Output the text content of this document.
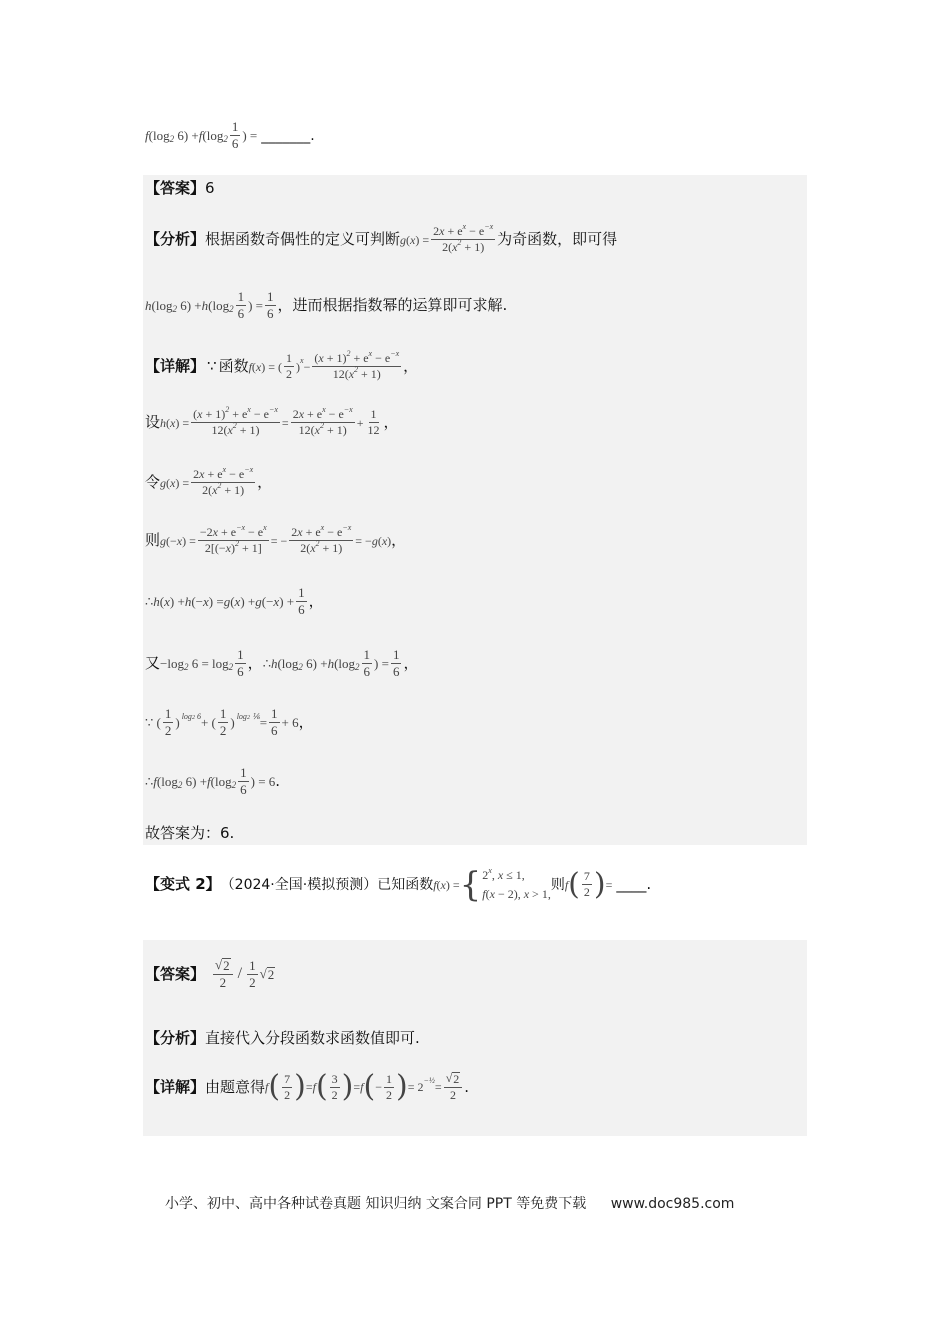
f (log 2 6) + f (log $2 \frac{1}{6}$ ) = _______.
【答案】 6
【分析】 根据函数奇偶性的定义可判断 g ( x ) = $\frac{2x + e^x - e^{-x}}{2(x^2 + 1)}$ 为奇函数，即可得
h (log 2 6) + h (log $2 \frac{1}{6}$ ) = $\frac{1}{6}$ ，进而根据指数幂的运算即可求解.
【详解】 ∵ 函数 f ( x ) = ( $\frac{1}{2}$ ) $x - \frac{(x + 1)^2 + e^x - e^{-x}}{12(x^2 + 1)}$ ，
设 h ( x ) = $\frac{(x + 1)^2 + e^x - e^{-x}}{12(x^2 + 1)} = \frac{2x + e^x - e^{-x}}{12(x^2 + 1)} + \frac{1}{12}$ ，
令 g ( x ) = $\frac{2x + e^x - e^{-x}}{2(x^2 + 1)}$ ，
则 g (− x ) = $\frac{-2x + e^{-x} - e^x}{2[(-x)^2 + 1]}$ = − $\frac{2x + e^x - e^{-x}}{2(x^2 + 1)}$ = − g ( x ) ，
∴ h ( x ) + h (− x ) = g ( x ) + g (− x ) + $\frac{1}{6}$ ，
又 −log 2 $6 = \log 2 \frac{1}{6}$ ， ∴ h (log 2 6) + h (log $2 \frac{1}{6}$ ) = $\frac{1}{6}$ ，
∵ ( $\frac{1}{2}$ ) log2 6 + ( $\frac{1}{2}$ ) log2 ⅙ = $\frac{1}{6} + 6$ ，
∴ f (log 2 6) + f (log $2 \frac{1}{6}$ ) = 6 .
故答案为：6.
【变式 2】 （2024·全国·模拟预测）已知函数 f ( x ) = { 2$^x$, x ≤ 1,
f(x − 2), x > 1,
则 f ( $\frac{7}{2}$ ) = ____.
【答案】 $\frac{√ 2}{2} / \frac{1}{2}$ √ 2
【分析】 直接代入分段函数求函数值即可.
【详解】 由题意得 f ( $\frac{7}{2}$ ) = f ( $\frac{3}{2}$ ) = f ( − $\frac{1}{2}$ ) = 2 −½ = $\frac{√ 2}{2}$ .
小学、初中、高中各种试卷真题 知识归纳 文案合同 PPT 等免费下载 www.doc985.com
